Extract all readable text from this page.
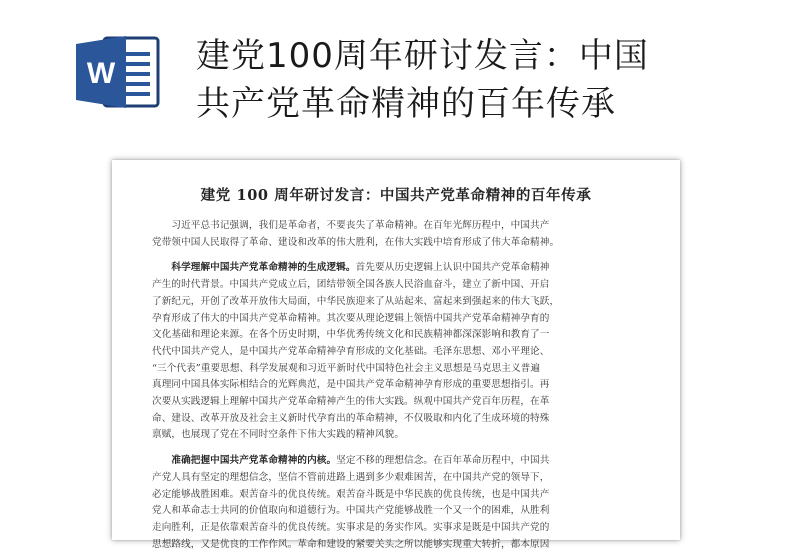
W 建党100周年研讨发言：中国
共产党革命精神的百年传承
建党 100 周年研讨发言：中国共产党革命精神的百年传承
　　习近平总书记强调，我们是革命者，不要丧失了革命精神。在百年光辉历程中，中国共产
党带领中国人民取得了革命、建设和改革的伟大胜利，在伟大实践中培育形成了伟大革命精神。
　　科学理解中国共产党革命精神的生成逻辑。首先要从历史逻辑上认识中国共产党革命精神
产生的时代背景。中国共产党成立后，团结带领全国各族人民浴血奋斗，建立了新中国、开启
了新纪元，开创了改革开放伟大局面，中华民族迎来了从站起来、富起来到强起来的伟大飞跃，
孕育形成了伟大的中国共产党革命精神。其次要从理论逻辑上领悟中国共产党革命精神孕育的
文化基础和理论来源。在各个历史时期，中华优秀传统文化和民族精神都深深影响和教育了一
代代中国共产党人，是中国共产党革命精神孕育形成的文化基础。毛泽东思想、邓小平理论、
“三个代表”重要思想、科学发展观和习近平新时代中国特色社会主义思想是马克思主义普遍
真理同中国具体实际相结合的光辉典范，是中国共产党革命精神孕育形成的重要思想指引。再
次要从实践逻辑上理解中国共产党革命精神产生的伟大实践。纵观中国共产党百年历程，在革
命、建设、改革开放及社会主义新时代孕育出的革命精神，不仅吸取和内化了生成环境的特殊
禀赋，也展现了党在不同时空条件下伟大实践的精神风貌。
　　准确把握中国共产党革命精神的内核。坚定不移的理想信念。在百年革命历程中，中国共
产党人具有坚定的理想信念，坚信不管前进路上遇到多少艰难困苦，在中国共产党的领导下，
必定能够战胜困难。艰苦奋斗的优良传统。艰苦奋斗既是中华民族的优良传统，也是中国共产
党人和革命志士共同的价值取向和道德行为。中国共产党能够战胜一个又一个的困难，从胜利
走向胜利，正是依靠艰苦奋斗的优良传统。实事求是的务实作风。实事求是既是中国共产党的
思想路线，又是优良的工作作风。革命和建设的紧要关头之所以能够实现重大转折，都本原因
